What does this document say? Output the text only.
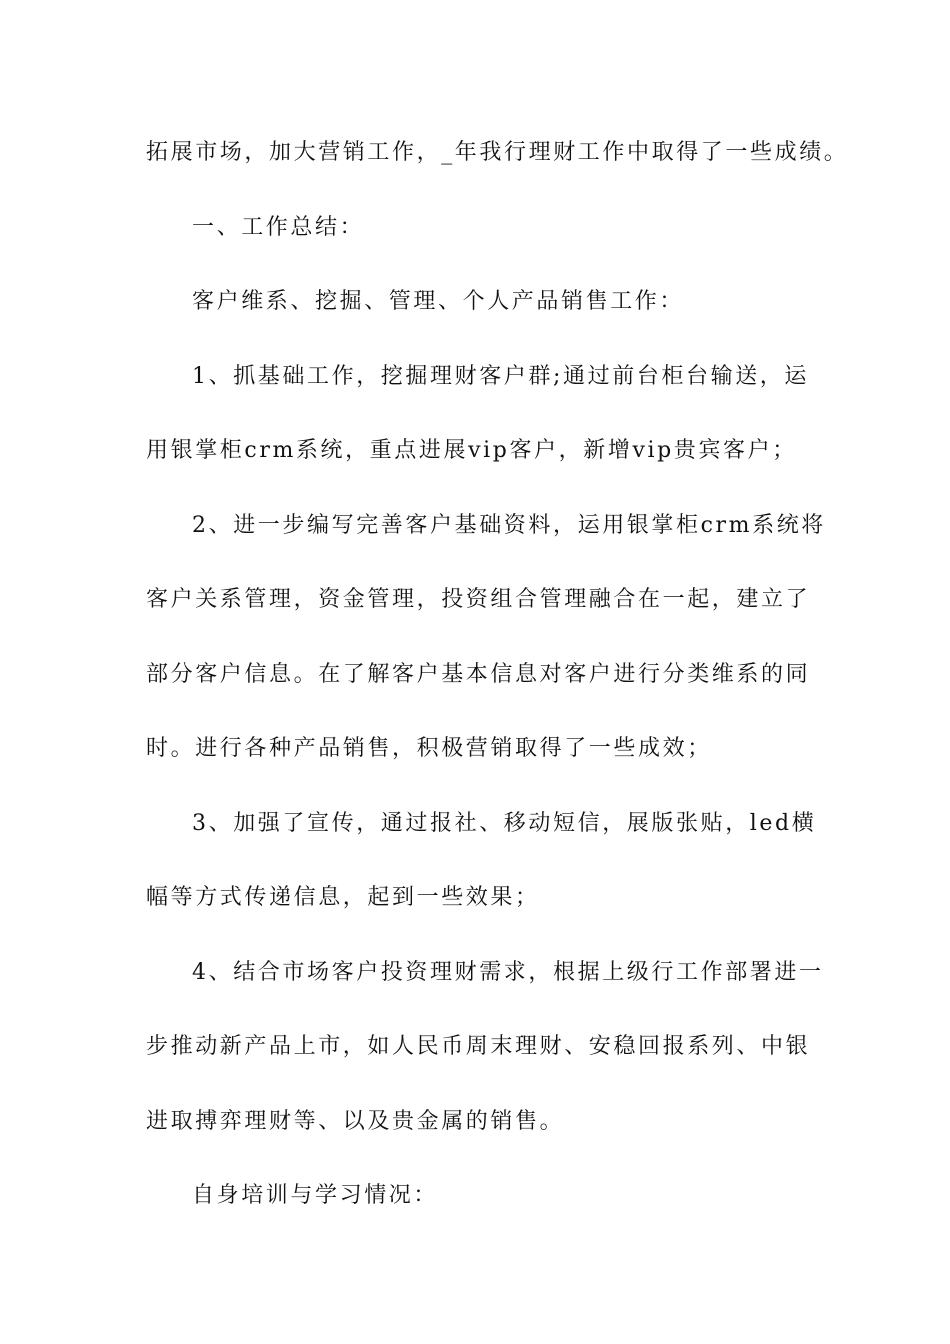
拓展市场，加大营销工作，_年我行理财工作中取得了一些成绩。
一、工作总结：
客户维系、挖掘、管理、个人产品销售工作：
1、抓基础工作，挖掘理财客户群;通过前台柜台输送，运
用银掌柜crm系统，重点进展vip客户，新增vip贵宾客户；
2、进一步编写完善客户基础资料，运用银掌柜crm系统将
客户关系管理，资金管理，投资组合管理融合在一起，建立了
部分客户信息。在了解客户基本信息对客户进行分类维系的同
时。进行各种产品销售，积极营销取得了一些成效；
3、加强了宣传，通过报社、移动短信，展版张贴，led横
幅等方式传递信息，起到一些效果；
4、结合市场客户投资理财需求，根据上级行工作部署进一
步推动新产品上市，如人民币周末理财、安稳回报系列、中银
进取搏弈理财等、以及贵金属的销售。
自身培训与学习情况：
